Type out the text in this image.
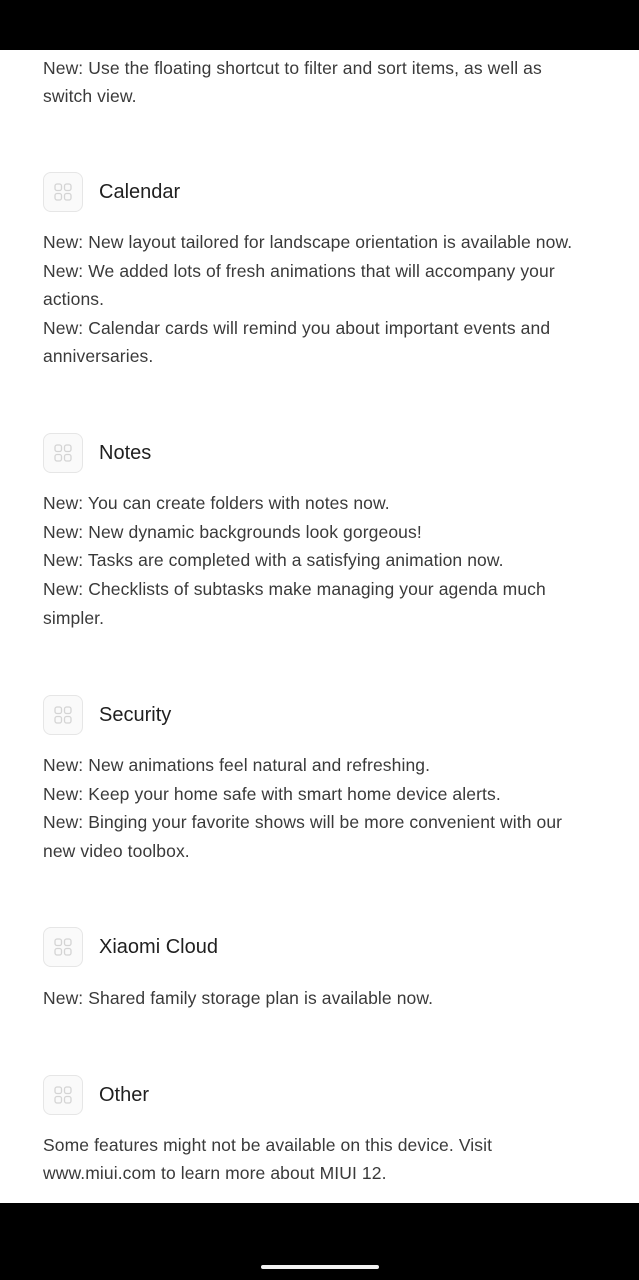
New: Use the floating shortcut to filter and sort items, as well as
switch view.
Calendar
New: New layout tailored for landscape orientation is available now.
New: We added lots of fresh animations that will accompany your
actions.
New: Calendar cards will remind you about important events and
anniversaries.
Notes
New: You can create folders with notes now.
New: New dynamic backgrounds look gorgeous!
New: Tasks are completed with a satisfying animation now.
New: Checklists of subtasks make managing your agenda much
simpler.
Security
New: New animations feel natural and refreshing.
New: Keep your home safe with smart home device alerts.
New: Binging your favorite shows will be more convenient with our
new video toolbox.
Xiaomi Cloud
New: Shared family storage plan is available now.
Other
Some features might not be available on this device. Visit
www.miui.com to learn more about MIUI 12.
